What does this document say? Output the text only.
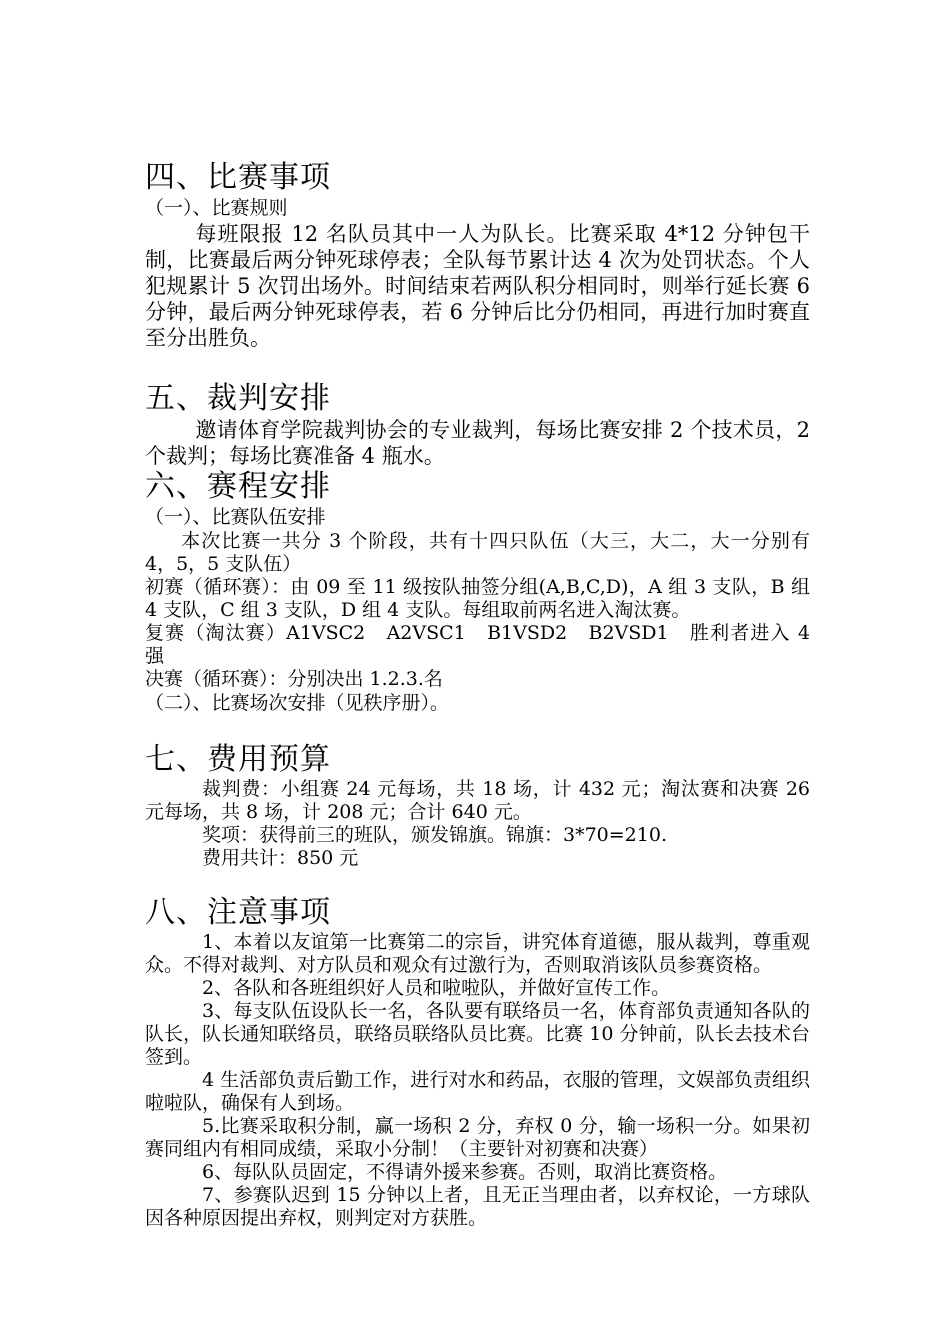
四、比赛事项

（一）、比赛规则

每班限报 12 名队员其中一人为队长。比赛采取 4*12 分钟包干制，比赛最后两分钟死球停表；全队每节累计达 4 次为处罚状态。个人犯规累计 5 次罚出场外。时间结束若两队积分相同时，则举行延长赛 6 分钟，最后两分钟死球停表，若 6 分钟后比分仍相同，再进行加时赛直至分出胜负。

五、裁判安排

邀请体育学院裁判协会的专业裁判，每场比赛安排 2 个技术员，2 个裁判；每场比赛准备 4 瓶水。

六、赛程安排

（一）、比赛队伍安排

本次比赛一共分 3 个阶段，共有十四只队伍（大三，大二，大一分别有 4，5，5 支队伍）

初赛（循环赛）：由 09 至 11 级按队抽签分组(A,B,C,D)，A 组 3 支队，B 组 4 支队，C 组 3 支队，D 组 4 支队。每组取前两名进入淘汰赛。

复赛（淘汰赛）A1VSC2　A2VSC1　B1VSD2　B2VSD1　胜利者进入 4 强

决赛（循环赛）：分别决出 1.2.3.名

（二）、比赛场次安排（见秩序册）。

七、费用预算

裁判费：小组赛 24 元每场，共 18 场，计 432 元；淘汰赛和决赛 26 元每场，共 8 场，计 208 元；合计 640 元。

奖项：获得前三的班队，颁发锦旗。锦旗：3*70=210.

费用共计：850 元

八、注意事项

1、本着以友谊第一比赛第二的宗旨，讲究体育道德，服从裁判，尊重观众。不得对裁判、对方队员和观众有过激行为，否则取消该队员参赛资格。

2、各队和各班组织好人员和啦啦队，并做好宣传工作。

3、每支队伍设队长一名，各队要有联络员一名，体育部负责通知各队的队长，队长通知联络员，联络员联络队员比赛。比赛 10 分钟前，队长去技术台签到。

4 生活部负责后勤工作，进行对水和药品，衣服的管理，文娱部负责组织啦啦队，确保有人到场。

5.比赛采取积分制，赢一场积 2 分，弃权 0 分，输一场积一分。如果初赛同组内有相同成绩，采取小分制！（主要针对初赛和决赛）

6、每队队员固定，不得请外援来参赛。否则，取消比赛资格。

7、参赛队迟到 15 分钟以上者，且无正当理由者，以弃权论，一方球队因各种原因提出弃权，则判定对方获胜。
